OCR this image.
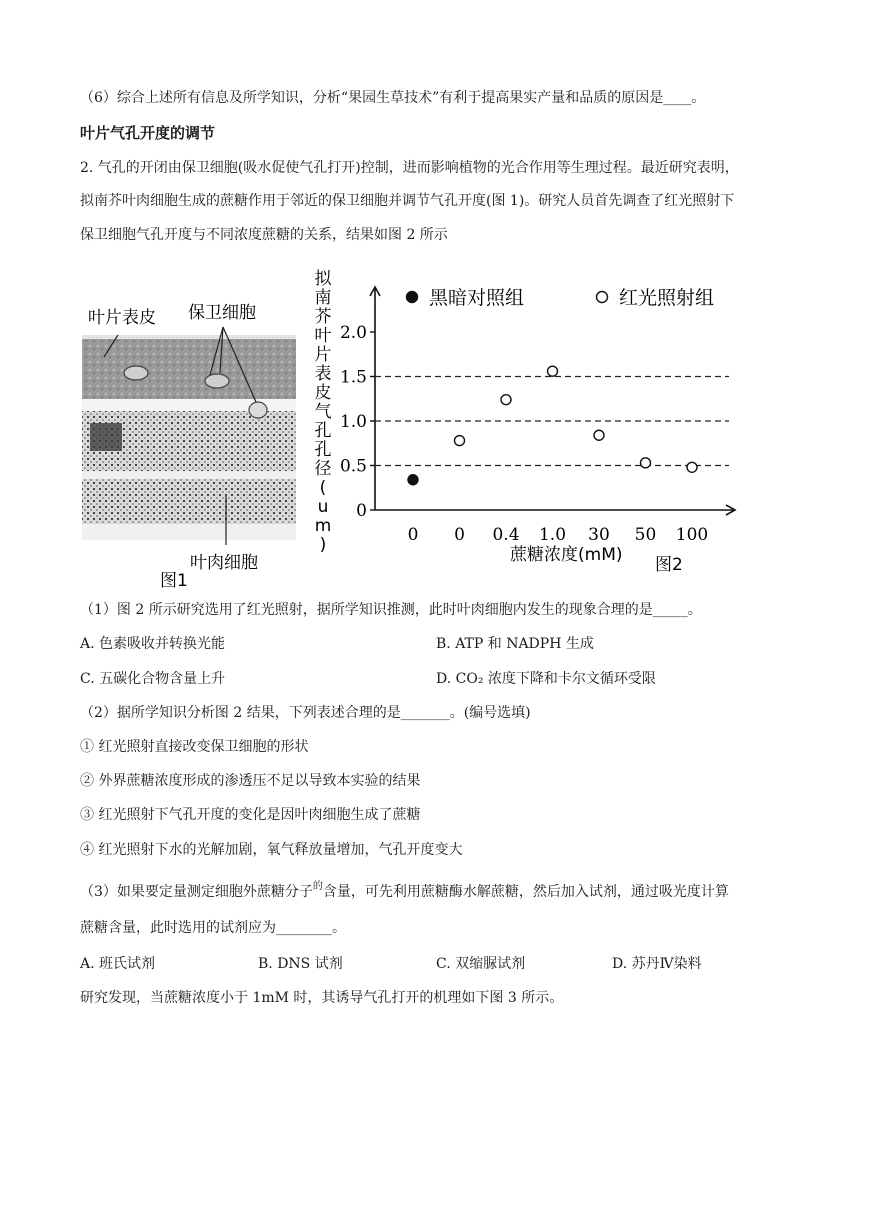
（6）综合上述所有信息及所学知识，分析“果园生草技术”有利于提高果实产量和品质的原因是____。
叶片气孔开度的调节
2. 气孔的开闭由保卫细胞(吸水促使气孔打开)控制，进而影响植物的光合作用等生理过程。最近研究表明，
拟南芥叶肉细胞生成的蔗糖作用于邻近的保卫细胞并调节气孔开度(图 1)。研究人员首先调查了红光照射下
保卫细胞气孔开度与不同浓度蔗糖的关系，结果如图 2 所示
叶片表皮 保卫细胞
叶肉细胞
图1
拟
南
芥
叶
片
表
皮
气
孔
孔
径
(
u
m
)
0
0.5
1.0
1.5
2.0
0 0 0.4 1.0 30 50 100
黑暗对照组	红光照射组
蔗糖浓度(mM) 图2
（1）图 2 所示研究选用了红光照射，据所学知识推测，此时叶肉细胞内发生的现象合理的是_____。
A. 色素吸收并转换光能	B. ATP 和 NADPH 生成
C. 五碳化合物含量上升	D. CO₂ 浓度下降和卡尔文循环受限
（2）据所学知识分析图 2 结果，下列表述合理的是_______。(编号选填)
① 红光照射直接改变保卫细胞的形状
② 外界蔗糖浓度形成的渗透压不足以导致本实验的结果
③ 红光照射下气孔开度的变化是因叶肉细胞生成了蔗糖
④ 红光照射下水的光解加剧，氧气释放量增加，气孔开度变大
（3）如果要定量测定细胞外蔗糖分子$^的$含量，可先利用蔗糖酶水解蔗糖，然后加入试剂，通过吸光度计算
蔗糖含量，此时选用的试剂应为________。
A. 班氏试剂	B. DNS 试剂	C. 双缩脲试剂	D. 苏丹Ⅳ染料
研究发现，当蔗糖浓度小于 1mM 时，其诱导气孔打开的机理如下图 3 所示。
